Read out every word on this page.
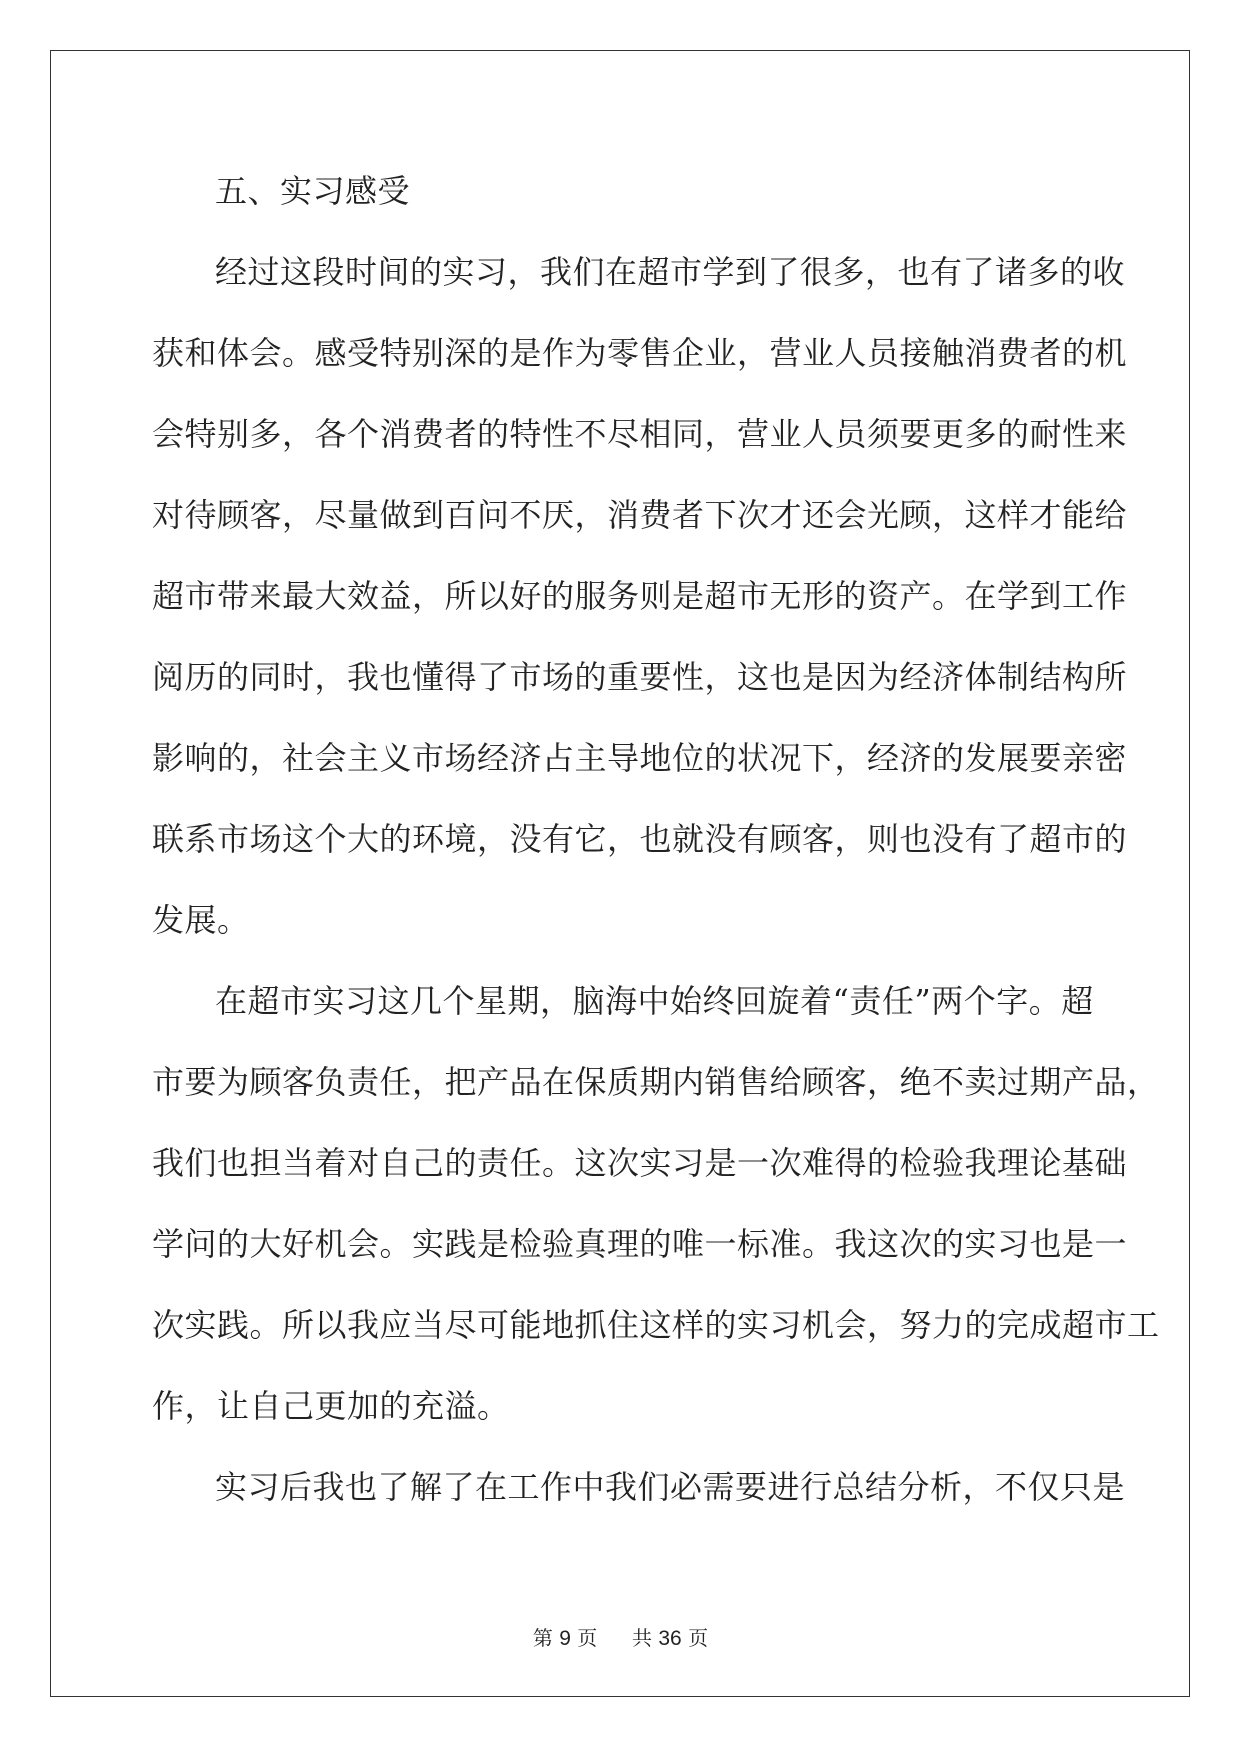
五、实习感受
经过这段时间的实习，我们在超市学到了很多，也有了诸多的收
获和体会。感受特别深的是作为零售企业，营业人员接触消费者的机
会特别多，各个消费者的特性不尽相同，营业人员须要更多的耐性来
对待顾客，尽量做到百问不厌，消费者下次才还会光顾，这样才能给
超市带来最大效益，所以好的服务则是超市无形的资产。在学到工作
阅历的同时，我也懂得了市场的重要性，这也是因为经济体制结构所
影响的，社会主义市场经济占主导地位的状况下，经济的发展要亲密
联系市场这个大的环境，没有它，也就没有顾客，则也没有了超市的
发展。
在超市实习这几个星期，脑海中始终回旋着“责任”两个字。超
市要为顾客负责任，把产品在保质期内销售给顾客，绝不卖过期产品，
我们也担当着对自己的责任。这次实习是一次难得的检验我理论基础
学问的大好机会。实践是检验真理的唯一标准。我这次的实习也是一
次实践。所以我应当尽可能地抓住这样的实习机会，努力的完成超市工
作，让自己更加的充溢。
实习后我也了解了在工作中我们必需要进行总结分析，不仅只是
第 9 页 共 36 页
